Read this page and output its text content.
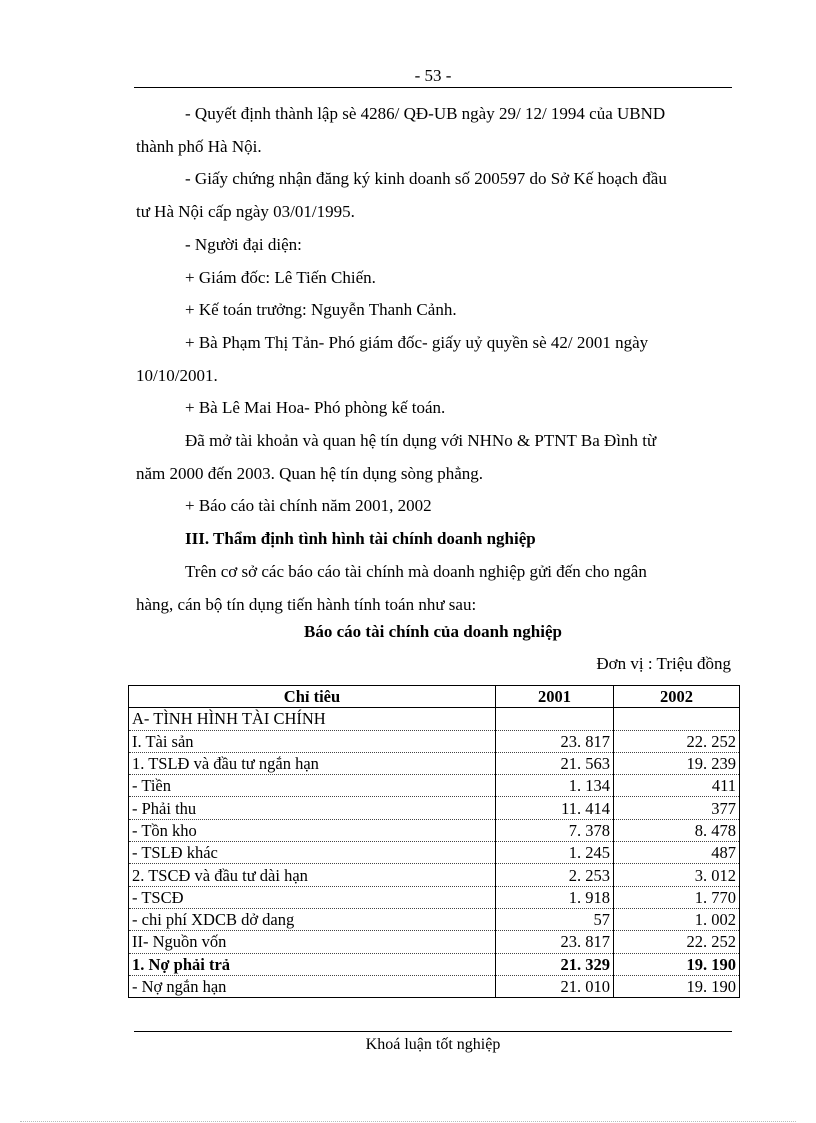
- 53 -

- Quyết định thành lập sè 4286/ QĐ-UB ngày 29/ 12/ 1994 của UBND

thành phố Hà Nội.

- Giấy chứng nhận đăng ký kinh doanh số 200597 do Sở Kế hoạch đầu

tư Hà Nội cấp ngày 03/01/1995.

- Người đại diện:

+ Giám đốc: Lê Tiến Chiến.

+ Kế toán trưởng: Nguyễn Thanh Cảnh.

+ Bà Phạm Thị Tản- Phó giám đốc- giấy uỷ quyền sè 42/ 2001 ngày

10/10/2001.

+ Bà Lê Mai Hoa- Phó phòng kế toán.

Đã mở tài khoản và quan hệ tín dụng với NHNo & PTNT Ba Đình từ

năm 2000 đến 2003. Quan hệ tín dụng sòng phẳng.

+ Báo cáo tài chính năm 2001, 2002

III. Thẩm định tình hình tài chính doanh nghiệp

Trên cơ sở các báo cáo tài chính mà doanh nghiệp gửi đến cho ngân

hàng, cán bộ tín dụng tiến hành tính toán như sau:

Báo cáo tài chính của doanh nghiệp
Đơn vị : Triệu đồng
Chỉ tiêu	2001	2002
A- TÌNH HÌNH TÀI CHÍNH		
I. Tài sản	23. 817	22. 252
1. TSLĐ và đầu tư ngắn hạn	21. 563	19. 239
- Tiền	1. 134	411
- Phải thu	11. 414	377
- Tồn kho	7. 378	8. 478
- TSLĐ khác	1. 245	487
2. TSCĐ và đầu tư dài hạn	2. 253	3. 012
- TSCĐ	1. 918	1. 770
- chi phí XDCB dở dang	57	1. 002
II- Nguồn vốn	23. 817	22. 252
1. Nợ phải trả	21. 329	19. 190
- Nợ ngắn hạn	21. 010	19. 190
Khoá luận tốt nghiệp
